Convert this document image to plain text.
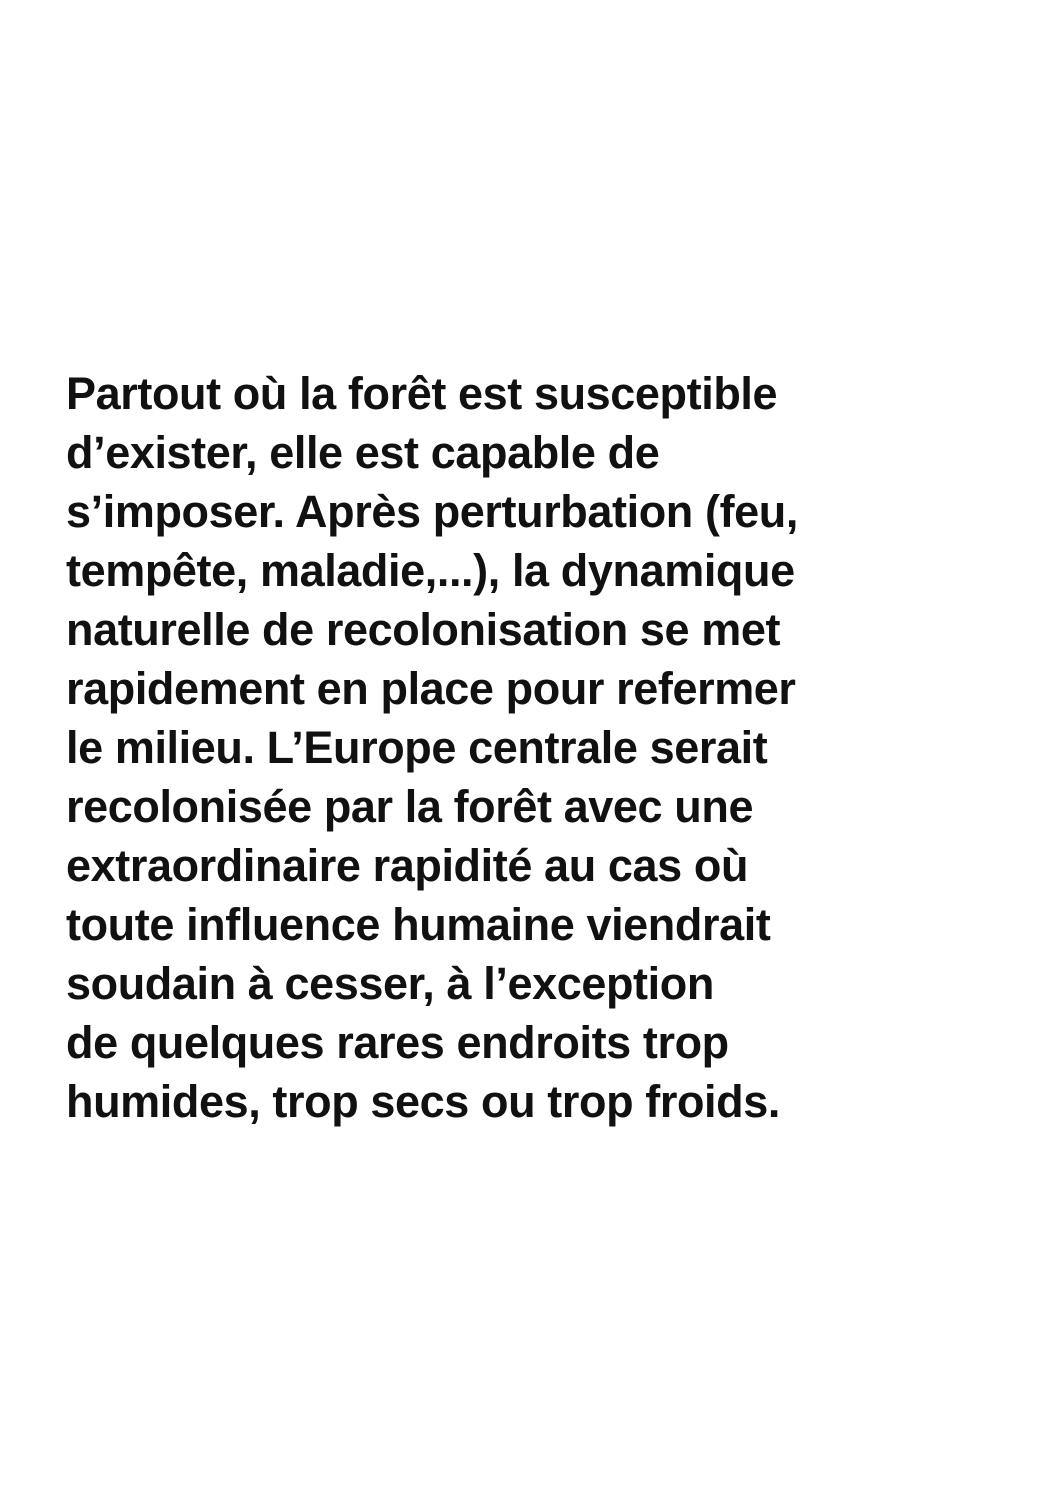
Partout où la forêt est susceptible
d’exister, elle est capable de
s’imposer. Après perturbation (feu,
tempête, maladie,...), la dynamique
naturelle de recolonisation se met
rapidement en place pour refermer
le milieu. L’Europe centrale serait
recolonisée par la forêt avec une
extraordinaire rapidité au cas où
toute influence humaine viendrait
soudain à cesser, à l’exception
de quelques rares endroits trop
humides, trop secs ou trop froids.
